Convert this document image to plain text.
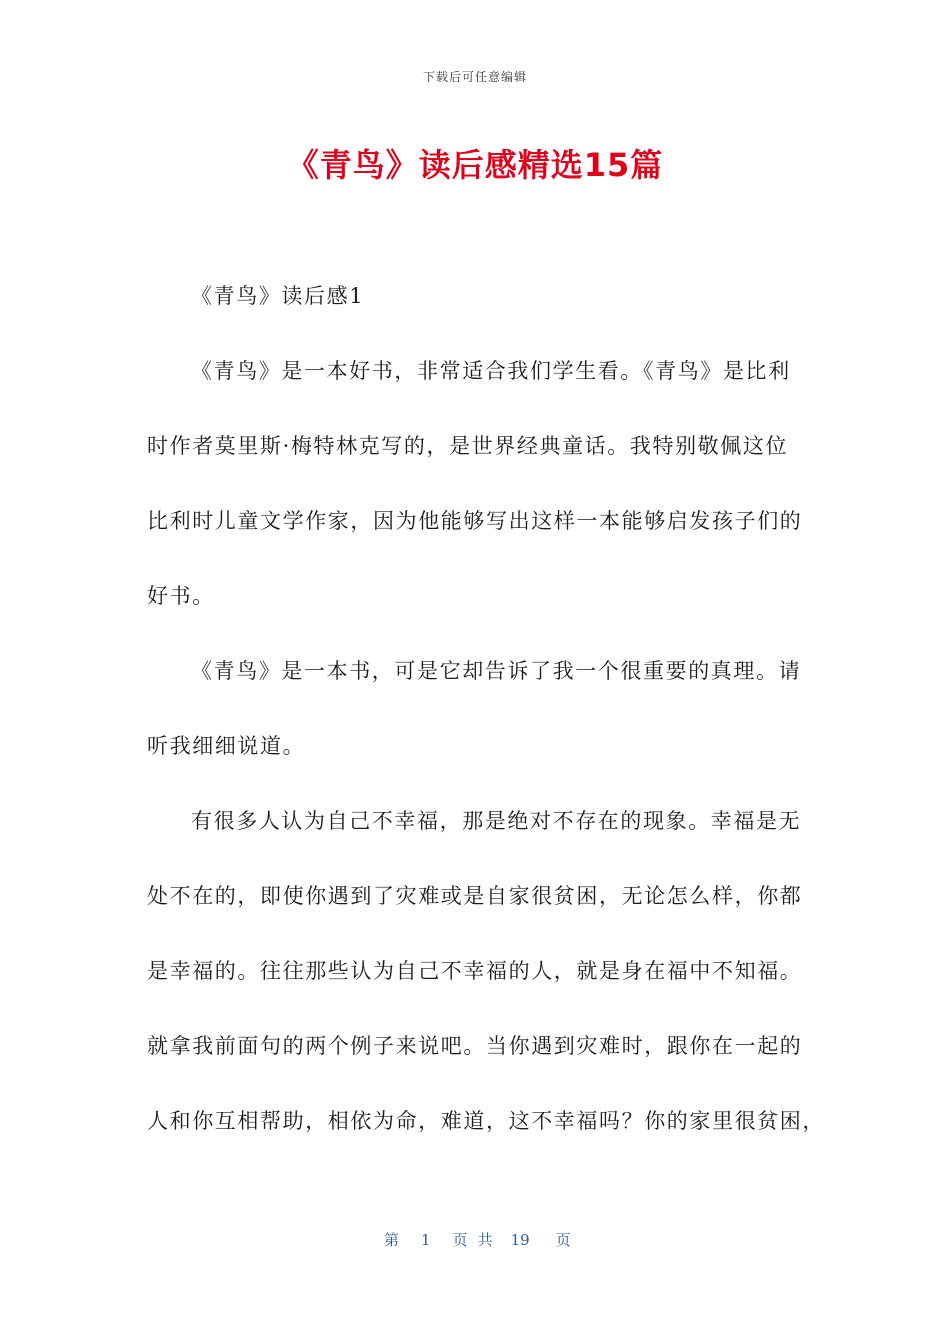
下载后可任意编辑
《青鸟》读后感精选15篇
《青鸟》读后感1
《青鸟》是一本好书，非常适合我们学生看。《青鸟》是比利
时作者莫里斯·梅特林克写的，是世界经典童话。我特别敬佩这位
比利时儿童文学作家，因为他能够写出这样一本能够启发孩子们的
好书。
《青鸟》是一本书，可是它却告诉了我一个很重要的真理。请
听我细细说道。
有很多人认为自己不幸福，那是绝对不存在的现象。幸福是无
处不在的，即使你遇到了灾难或是自家很贫困，无论怎么样，你都
是幸福的。往往那些认为自己不幸福的人，就是身在福中不知福。
就拿我前面句的两个例子来说吧。当你遇到灾难时，跟你在一起的
人和你互相帮助，相依为命，难道，这不幸福吗？你的家里很贫困，
第 1 页 共 19 页
